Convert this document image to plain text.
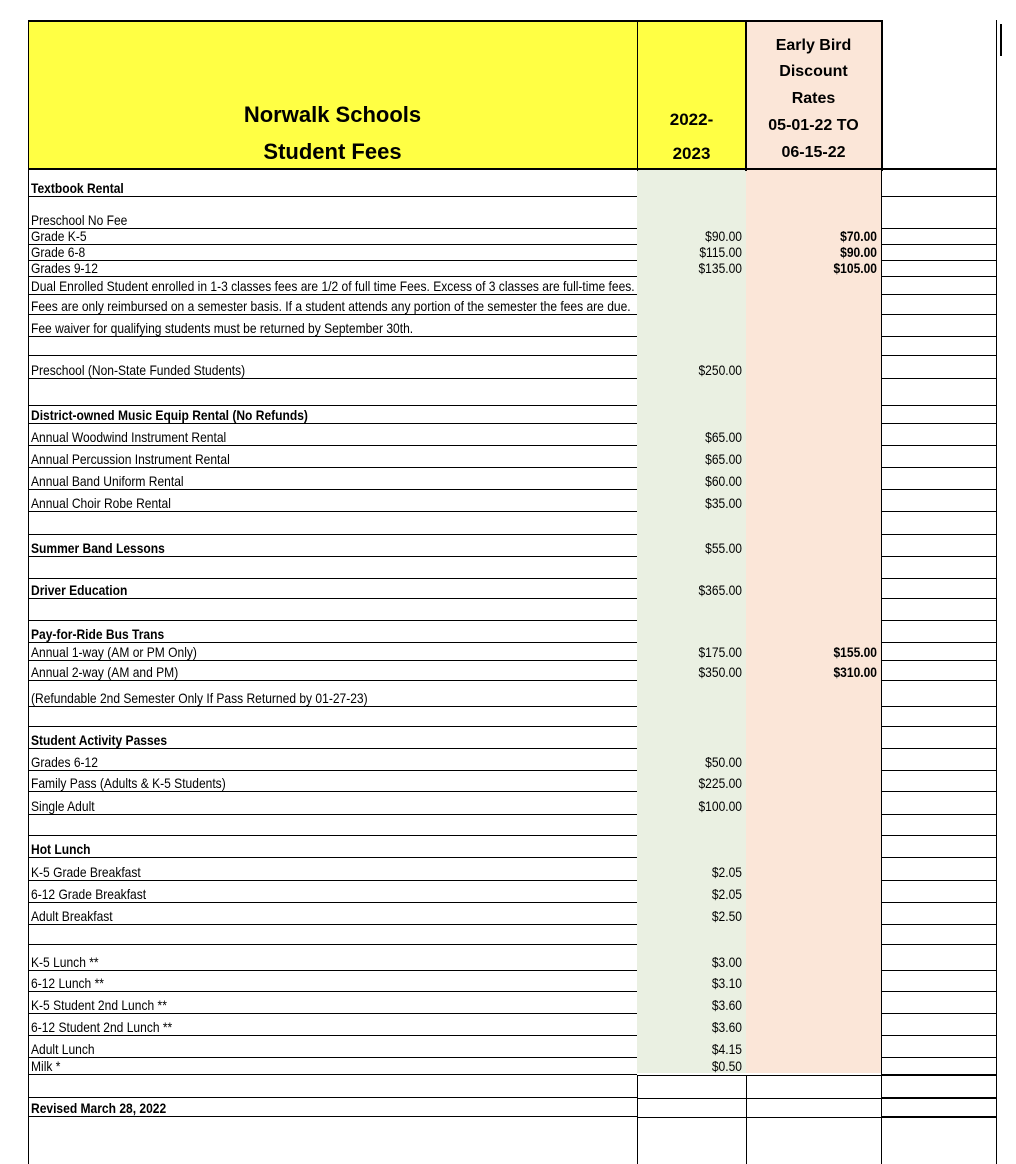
Norwalk Schools
Student Fees
2022-
2023
Early Bird
Discount
Rates
05-01-22 TO
06-15-22
Textbook Rental
Preschool No Fee
Grade K-5	$90.00	$70.00
Grade 6-8	$115.00	$90.00
Grades 9-12	$135.00	$105.00
Dual Enrolled Student enrolled in 1-3 classes fees are 1/2 of full time Fees. Excess of 3 classes are full-time fees.
Fees are only reimbursed on a semester basis. If a student attends any portion of the semester the fees are due.
Fee waiver for qualifying students must be returned by September 30th.
Preschool (Non-State Funded Students)	$250.00
District-owned Music Equip Rental (No Refunds)
Annual Woodwind Instrument Rental	$65.00
Annual Percussion Instrument Rental	$65.00
Annual Band Uniform Rental	$60.00
Annual Choir Robe Rental	$35.00
Summer Band Lessons	$55.00
Driver Education	$365.00
Pay-for-Ride Bus Trans
Annual 1-way (AM or PM Only)	$175.00	$155.00
Annual 2-way (AM and PM)	$350.00	$310.00
(Refundable 2nd Semester Only If Pass Returned by 01-27-23)
Student Activity Passes
Grades 6-12	$50.00
Family Pass (Adults & K-5 Students)	$225.00
Single Adult	$100.00
Hot Lunch
K-5 Grade Breakfast	$2.05
6-12 Grade Breakfast	$2.05
Adult Breakfast	$2.50
K-5 Lunch **	$3.00
6-12 Lunch **	$3.10
K-5 Student 2nd Lunch **	$3.60
6-12 Student 2nd Lunch **	$3.60
Adult Lunch	$4.15
Milk *	$0.50
Revised March 28, 2022
